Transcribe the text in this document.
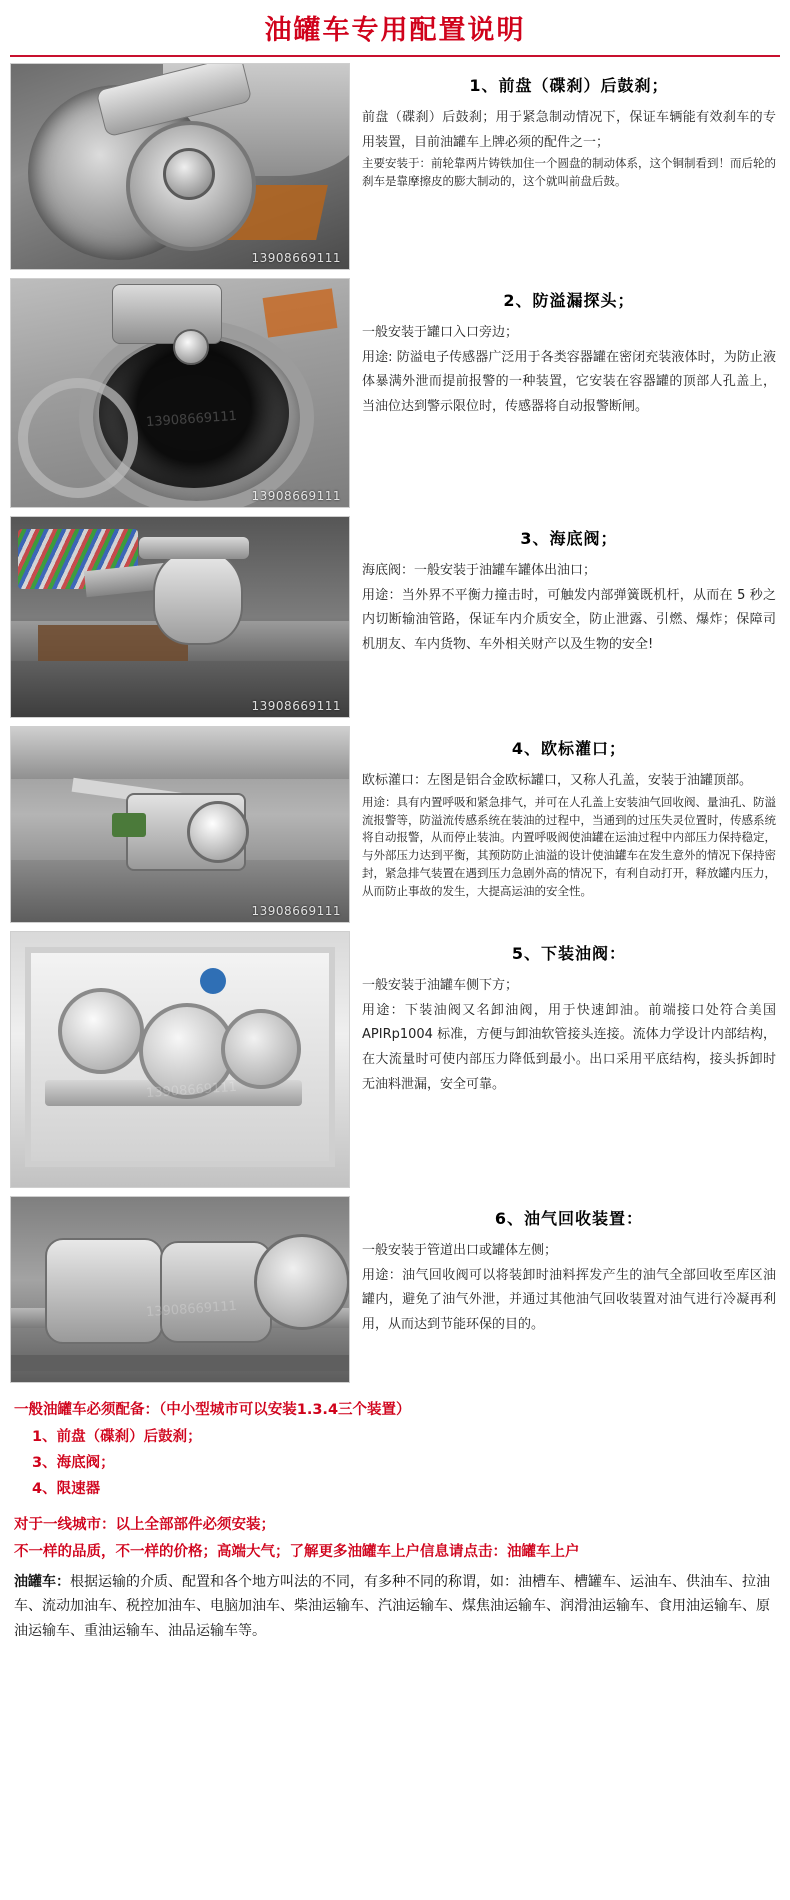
油罐车专用配置说明
13908669111
1、前盘（碟刹）后鼓刹；

前盘（碟刹）后鼓刹；用于紧急制动情况下，保证车辆能有效刹车的专用装置，目前油罐车上牌必须的配件之一；

主要安装于：前轮靠两片铸铁加住一个圆盘的制动体系，这个铜制看到！而后轮的刹车是靠摩擦皮的膨大制动的，这个就叫前盘后鼓。

13908669111
13908669111
2、防溢漏探头；

一般安装于罐口入口旁边；

用途: 防溢电子传感器广泛用于各类容器罐在密闭充装液体时，为防止液体暴满外泄而提前报警的一种装置，它安装在容器罐的顶部人孔盖上，当油位达到警示限位时，传感器将自动报警断闸。

13908669111
3、海底阀；

海底阀：一般安装于油罐车罐体出油口；

用途：当外界不平衡力撞击时，可触发内部弹簧既机杆，从而在 5 秒之内切断输油管路，保证车内介质安全，防止泄露、引燃、爆炸；保障司机朋友、车内货物、车外相关财产以及生物的安全!

13908669111
4、欧标灌口；

欧标灌口：左图是铝合金欧标罐口，又称人孔盖，安装于油罐顶部。

用途：具有内置呼吸和紧急排气，并可在人孔盖上安装油气回收阀、量油孔、防溢流报警等，防溢流传感系统在装油的过程中，当通到的过压失灵位置时，传感系统将自动报警，从而停止装油。内置呼吸阀使油罐在运油过程中内部压力保持稳定，与外部压力达到平衡，其预防防止油溢的设计使油罐车在发生意外的情况下保持密封，紧急排气装置在遇到压力急剧外高的情况下，有利自动打开，释放罐内压力，从而防止事故的发生，大提高运油的安全性。

13908669111
5、下装油阀：

一般安装于油罐车侧下方；

用途：下装油阀又名卸油阀，用于快速卸油。前端接口处符合美国 APIRp1004 标准，方便与卸油软管接头连接。流体力学设计内部结构，在大流量时可使内部压力降低到最小。出口采用平底结构，接头拆卸时无油料泄漏，安全可靠。

13908669111
6、油气回收装置：

一般安装于管道出口或罐体左侧；

用途：油气回收阀可以将装卸时油料挥发产生的油气全部回收至库区油罐内，避免了油气外泄，并通过其他油气回收装置对油气进行冷凝再利用，从而达到节能环保的目的。

一般油罐车必须配备：（中小型城市可以安装1.3.4三个装置）

1、前盘（碟刹）后鼓刹；

3、海底阀；

4、限速器

对于一线城市：以上全部部件必须安装；

不一样的品质，不一样的价格；高端大气；了解更多油罐车上户信息请点击：油罐车上户

油罐车：根据运输的介质、配置和各个地方叫法的不同，有多种不同的称谓，如：油槽车、槽罐车、运油车、供油车、拉油车、流动加油车、税控加油车、电脑加油车、柴油运输车、汽油运输车、煤焦油运输车、润滑油运输车、食用油运输车、原油运输车、重油运输车、油品运输车等。
